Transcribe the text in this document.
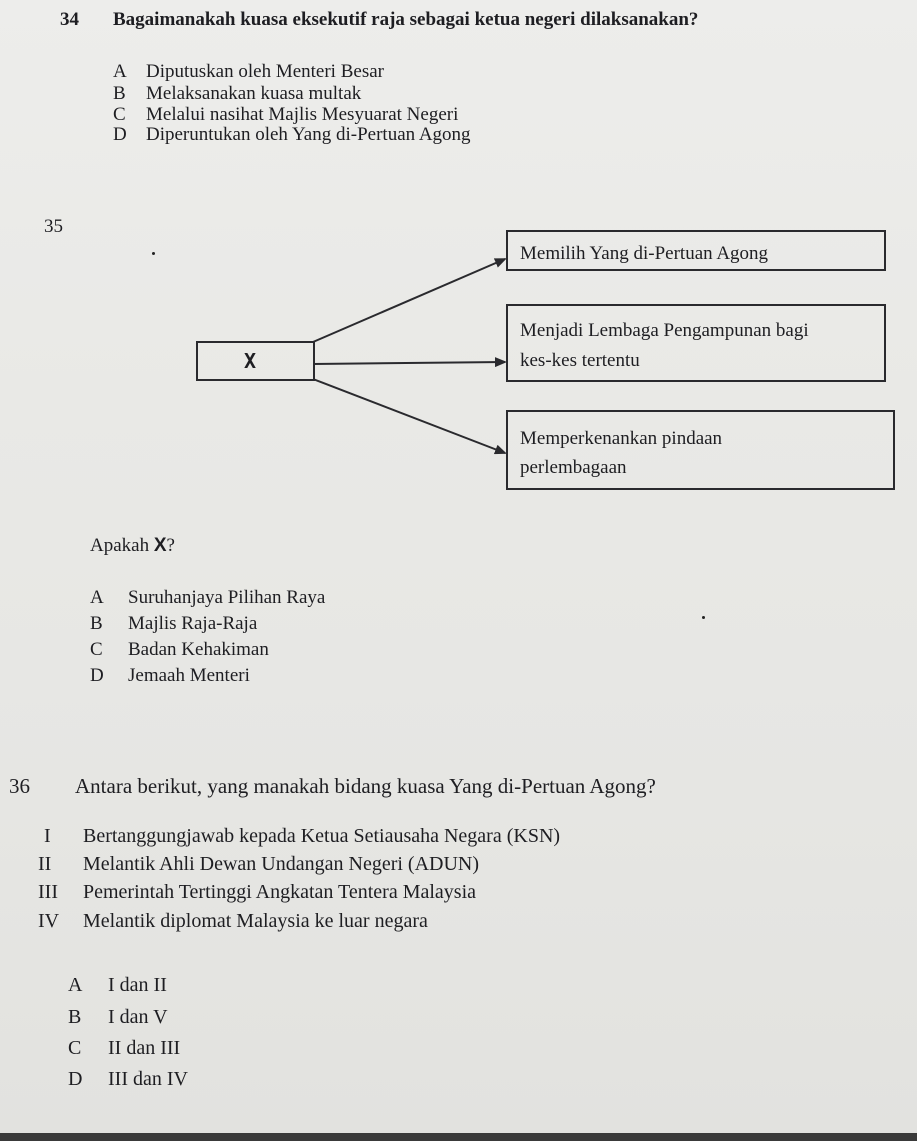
34 Bagaimanakah kuasa eksekutif raja sebagai ketua negeri dilaksanakan?
A Diputuskan oleh Menteri Besar
B Melaksanakan kuasa multak
C Melalui nasihat Majlis Mesyuarat Negeri
D Diperuntukan oleh Yang di-Pertuan Agong
35
X
Memilih Yang di-Pertuan Agong
Menjadi Lembaga Pengampunan bagi
kes-kes tertentu
Memperkenankan pindaan
perlembagaan
Apakah X?
A Suruhanjaya Pilihan Raya
B Majlis Raja-Raja
C Badan Kehakiman
D Jemaah Menteri
36 Antara berikut, yang manakah bidang kuasa Yang di-Pertuan Agong?
I Bertanggungjawab kepada Ketua Setiausaha Negara (KSN)
II Melantik Ahli Dewan Undangan Negeri (ADUN)
III Pemerintah Tertinggi Angkatan Tentera Malaysia
IV Melantik diplomat Malaysia ke luar negara
A I dan II
B I dan V
C II dan III
D III dan IV
